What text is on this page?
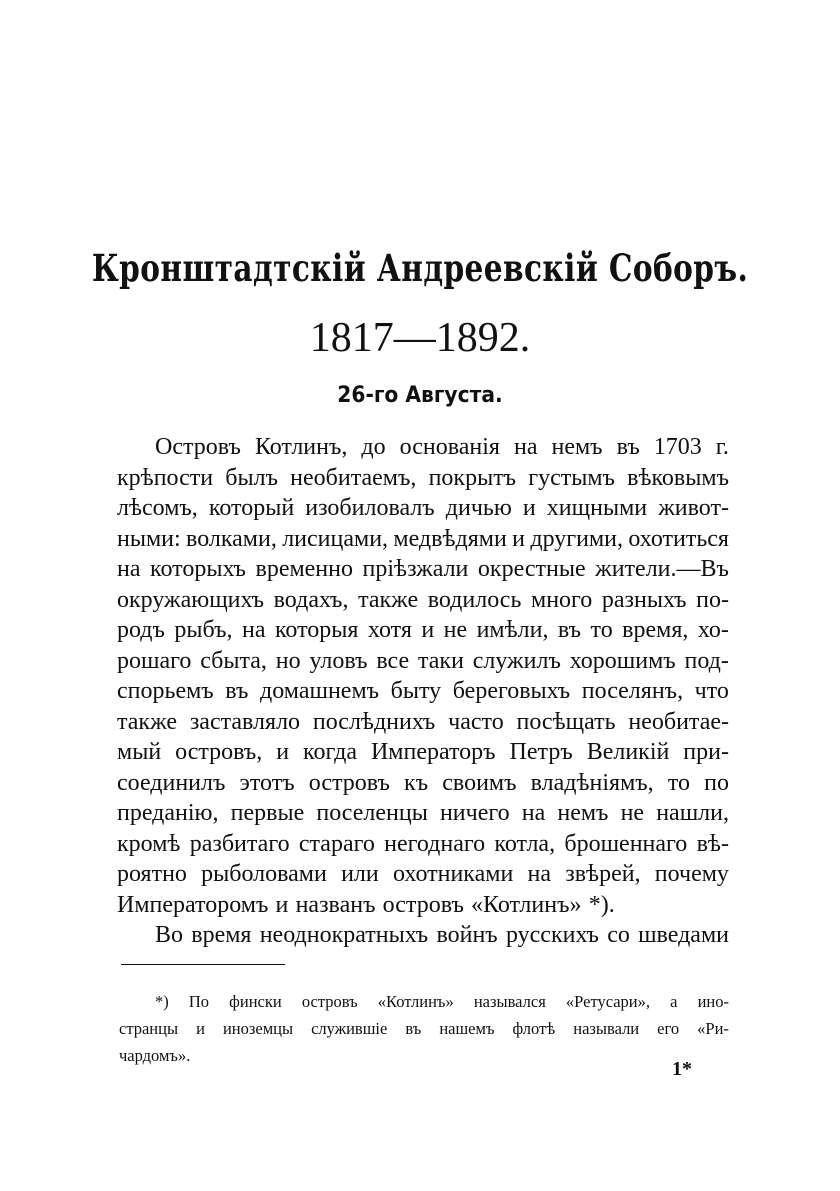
Кронштадтскій Андреевскій Соборъ.
1817—1892.
26-го Августа.
Островъ Котлинъ, до основанія на немъ въ 1703 г.
крѣпости былъ необитаемъ, покрытъ густымъ вѣковымъ
лѣсомъ, который изобиловалъ дичью и хищными живот-
ными: волками, лисицами, медвѣдями и другими, охотиться
на которыхъ временно пріѣзжали окрестные жители.—Въ
окружающихъ водахъ, также водилось много разныхъ по-
родъ рыбъ, на которыя хотя и не имѣли, въ то время, хо-
рошаго сбыта, но уловъ все таки служилъ хорошимъ под-
спорьемъ въ домашнемъ быту береговыхъ поселянъ, что
также заставляло послѣднихъ часто посѣщать необитае-
мый островъ, и когда Императоръ Петръ Великій при-
соединилъ этотъ островъ къ своимъ владѣніямъ, то по
преданію, первые поселенцы ничего на немъ не нашли,
кромѣ разбитаго стараго негоднаго котла, брошеннаго вѣ-
роятно рыболовами или охотниками на звѣрей, почему
Императоромъ и названъ островъ «Котлинъ» *).
Во время неоднократныхъ войнъ русскихъ со шведами
*) По фински островъ «Котлинъ» назывался «Ретусари», а ино-
странцы и иноземцы служившіе въ нашемъ флотѣ называли его «Ри-
чардомъ».
1*
